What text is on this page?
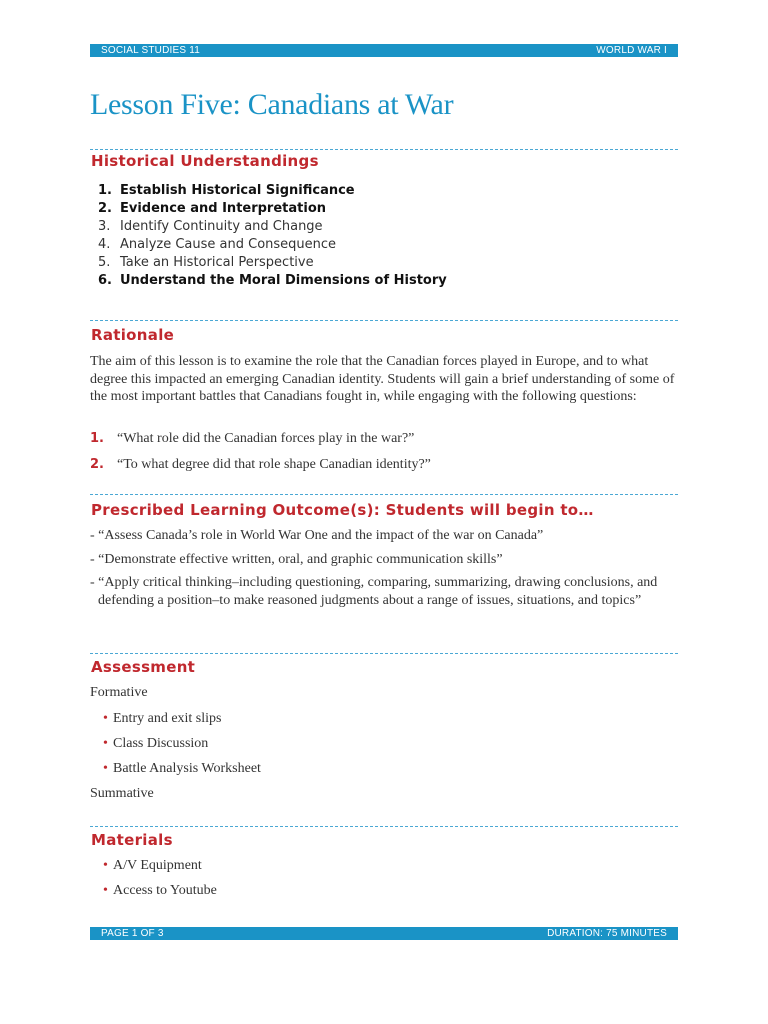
SOCIAL STUDIES 11	WORLD WAR I
Lesson Five: Canadians at War
Historical Understandings
1. Establish Historical Significance
2. Evidence and Interpretation
3. Identify Continuity and Change
4. Analyze Cause and Consequence
5. Take an Historical Perspective
6. Understand the Moral Dimensions of History
Rationale

The aim of this lesson is to examine the role that the Canadian forces played in Europe, and to what degree this impacted an emerging Canadian identity. Students will gain a brief understanding of some of the most important battles that Canadians fought in, while engaging with the following questions:

1. “What role did the Canadian forces play in the war?”
2. “To what degree did that role shape Canadian identity?”
Prescribed Learning Outcome(s): Students will begin to…
- “Assess Canada’s role in World War One and the impact of the war on Canada”
- “Demonstrate effective written, oral, and graphic communication skills”
- “Apply critical thinking–including questioning, comparing, summarizing, drawing conclusions, and defending a position–to make reasoned judgments about a range of issues, situations, and topics”
Assessment

Formative

• Entry and exit slips
• Class Discussion
• Battle Analysis Worksheet

Summative

Materials
• A/V Equipment
• Access to Youtube
PAGE 1 OF 3	DURATION: 75 MINUTES
